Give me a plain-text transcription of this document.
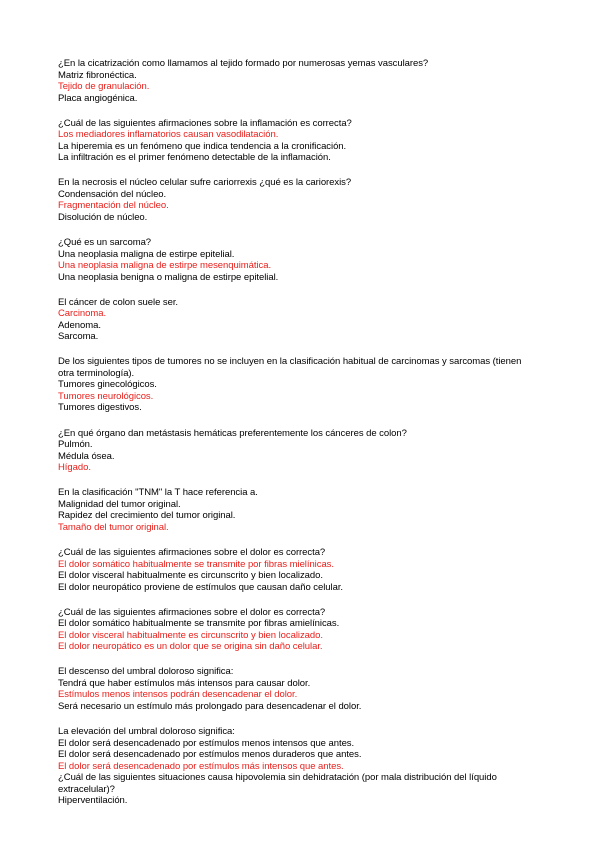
¿En la cicatrización como llamamos al tejido formado por numerosas yemas vasculares?
Matriz fibronéctica.
Tejido de granulación.
Placa angiogénica.
¿Cuál de las siguientes afirmaciones sobre la inflamación es correcta?
Los mediadores inflamatorios causan vasodilatación.
La hiperemia es un fenómeno que indica tendencia a la cronificación.
La infiltración es el primer fenómeno detectable de la inflamación.
En la necrosis el núcleo celular sufre cariorrexis ¿qué es la cariorexis?
Condensación del núcleo.
Fragmentación del núcleo.
Disolución de núcleo.
¿Qué es un sarcoma?
Una neoplasia maligna de estirpe epitelial.
Una neoplasia maligna de estirpe mesenquimática.
Una neoplasia benigna o maligna de estirpe epitelial.
El cáncer de colon suele ser.
Carcinoma.
Adenoma.
Sarcoma.
De los siguientes tipos de tumores no se incluyen en la clasificación habitual de carcinomas y sarcomas (tienen otra terminología).
Tumores ginecológicos.
Tumores neurológicos.
Tumores digestivos.
¿En qué órgano dan metástasis hemáticas preferentemente los cánceres de colon?
Pulmón.
Médula ósea.
Hígado.
En la clasificación "TNM" la T hace referencia a.
Malignidad del tumor original.
Rapidez del crecimiento del tumor original.
Tamaño del tumor original.
¿Cuál de las siguientes afirmaciones sobre el dolor es correcta?
El dolor somático habitualmente se transmite por fibras mielínicas.
El dolor visceral habitualmente es circunscrito y bien localizado.
El dolor neuropático proviene de estímulos que causan daño celular.
¿Cuál de las siguientes afirmaciones sobre el dolor es correcta?
El dolor somático habitualmente se transmite por fibras amielínicas.
El dolor visceral habitualmente es circunscrito y bien localizado.
El dolor neuropático es un dolor que se origina sin daño celular.
El descenso del umbral doloroso significa:
Tendrá que haber estímulos más intensos para causar dolor.
Estímulos menos intensos podrán desencadenar el dolor.
Será necesario un estímulo más prolongado para desencadenar el dolor.
La elevación del umbral doloroso significa:
El dolor será desencadenado por estímulos menos intensos que antes.
El dolor será desencadenado por estímulos menos duraderos que antes.
El dolor será desencadenado por estímulos más intensos que antes.
¿Cuál de las siguientes situaciones causa hipovolemia sin dehidratación (por mala distribución del líquido extracelular)?
Hiperventilación.
